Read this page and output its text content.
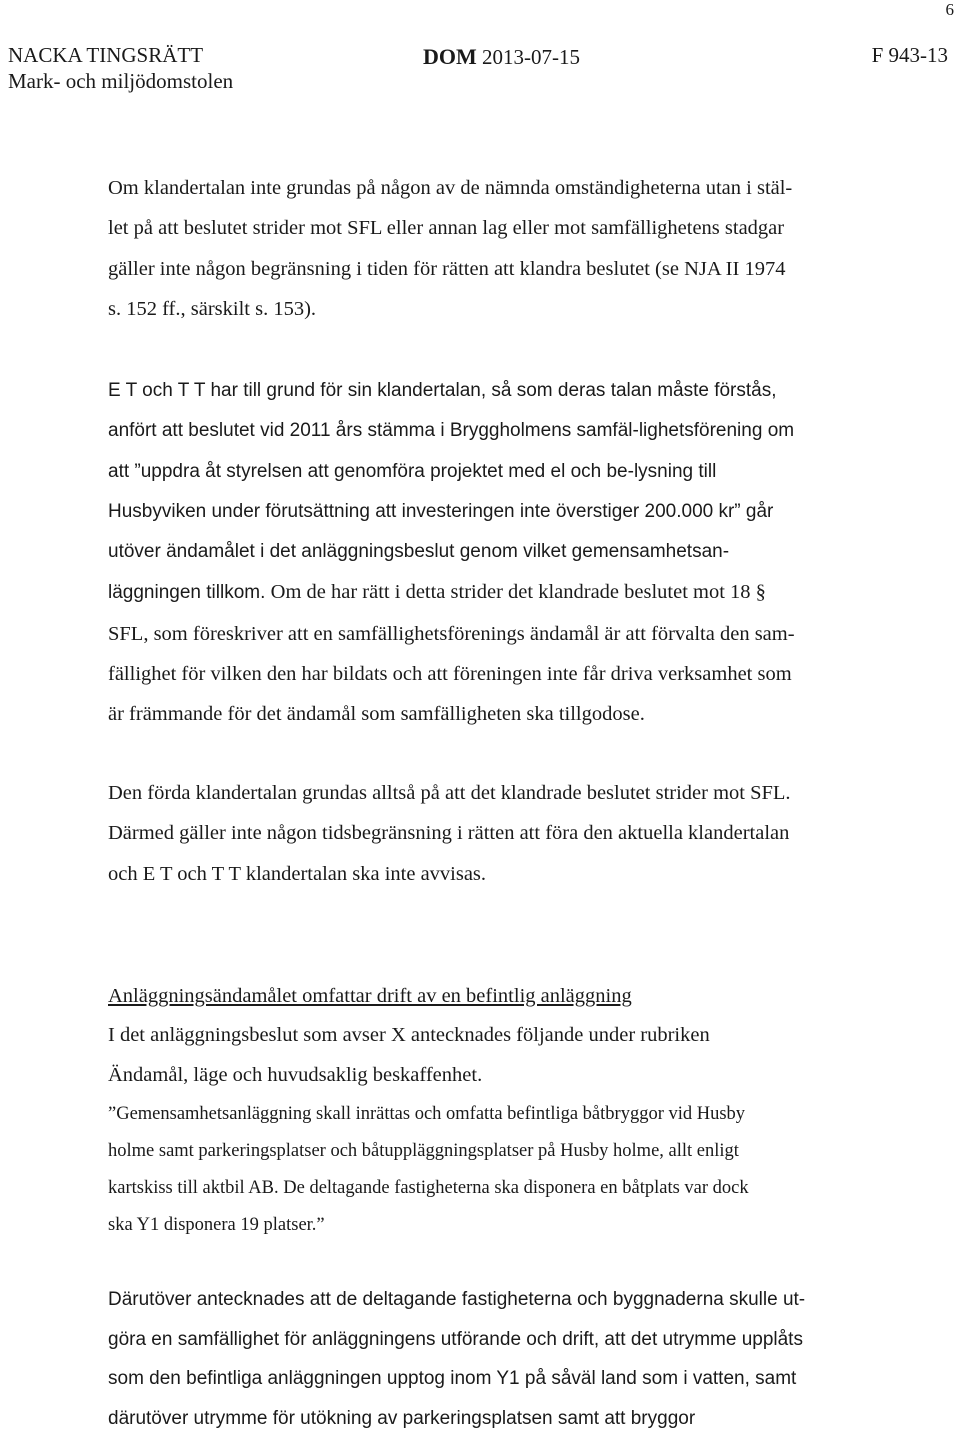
6
NACKA TINGSRÄTT
Mark- och miljödomstolen
DOM 2013-07-15	F 943-13
Om klandertalan inte grundas på någon av de nämnda omständigheterna utan i stäl-
let på att beslutet strider mot SFL eller annan lag eller mot samfällighetens stadgar
gäller inte någon begränsning i tiden för rätten att klandra beslutet (se NJA II 1974
s. 152 ff., särskilt s. 153).
E T och T T har till grund för sin klandertalan, så som deras talan måste förstås,
anfört att beslutet vid 2011 års stämma i Bryggholmens samfäl-lighetsförening om
att ”uppdra åt styrelsen att genomföra projektet med el och be-lysning till
Husbyviken under förutsättning att investeringen inte överstiger 200.000 kr” går
utöver ändamålet i det anläggningsbeslut genom vilket gemensamhetsan-
läggningen tillkom. Om de har rätt i detta strider det klandrade beslutet mot 18 §
SFL, som föreskriver att en samfällighetsförenings ändamål är att förvalta den sam-
fällighet för vilken den har bildats och att föreningen inte får driva verksamhet som
är främmande för det ändamål som samfälligheten ska tillgodose.
Den förda klandertalan grundas alltså på att det klandrade beslutet strider mot SFL.
Därmed gäller inte någon tidsbegränsning i rätten att föra den aktuella klandertalan
och E T och T T klandertalan ska inte avvisas.
Anläggningsändamålet omfattar drift av en befintlig anläggning
I det anläggningsbeslut som avser X antecknades följande under rubriken
Ändamål, läge och huvudsaklig beskaffenhet.
”Gemensamhetsanläggning skall inrättas och omfatta befintliga båtbryggor vid Husby
holme samt parkeringsplatser och båtuppläggningsplatser på Husby holme, allt enligt
kartskiss till aktbil AB. De deltagande fastigheterna ska disponera en båtplats var dock
ska Y1 disponera 19 platser.”
Därutöver antecknades att de deltagande fastigheterna och byggnaderna skulle ut-
göra en samfällighet för anläggningens utförande och drift, att det utrymme upplåts
som den befintliga anläggningen upptog inom Y1 på såväl land som i vatten, samt
därutöver utrymme för utökning av parkeringsplatsen samt att bryggor
